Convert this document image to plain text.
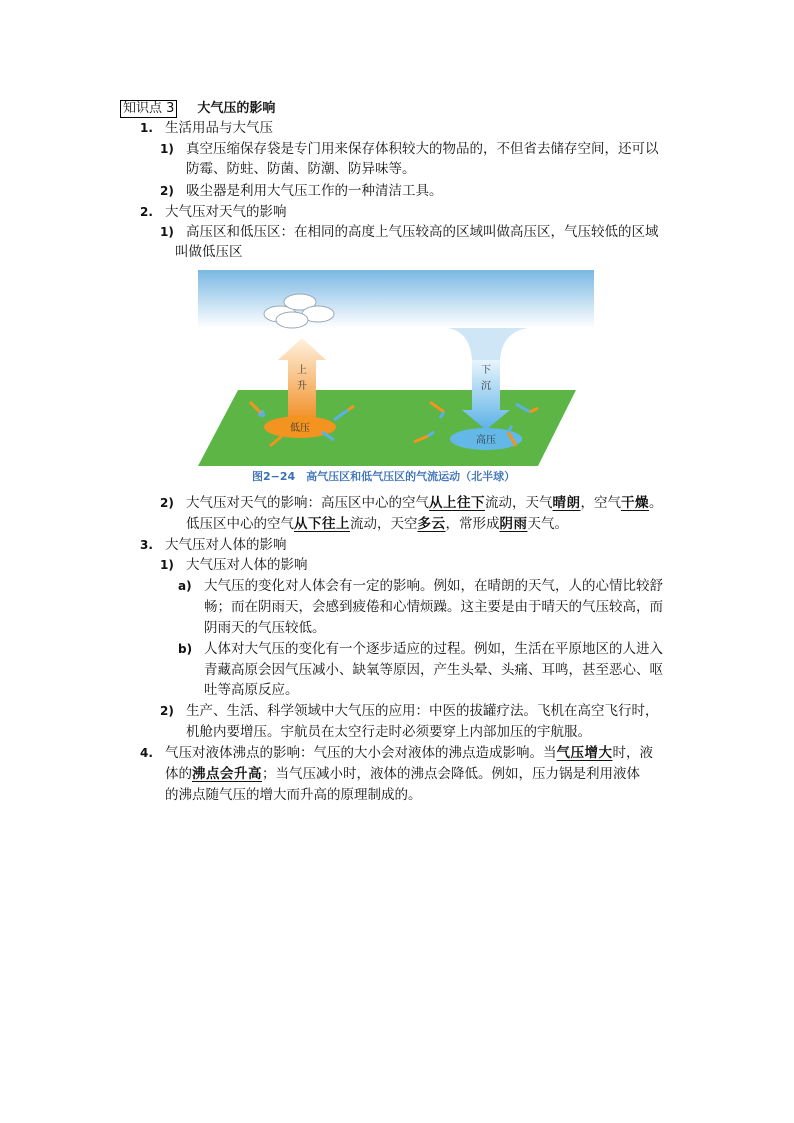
知识点 3 大气压的影响
1. 生活用品与大气压
1) 真空压缩保存袋是专门用来保存体积较大的物品的，不但省去储存空间，还可以
防霉、防蛀、防菌、防潮、防异味等。
2) 吸尘器是利用大气压工作的一种清洁工具。
2. 大气压对天气的影响
1) 高压区和低压区：在相同的高度上气压较高的区域叫做高压区，气压较低的区域
叫做低压区
上
升
下
沉
低压
高压
图2−24　高气压区和低气压区的气流运动（北半球）
2) 大气压对天气的影响：高压区中心的空气从上往下流动，天气晴朗，空气干燥。
低压区中心的空气从下往上流动，天空多云，常形成阴雨天气。
3. 大气压对人体的影响
1) 大气压对人体的影响
a) 大气压的变化对人体会有一定的影响。例如，在晴朗的天气，人的心情比较舒
畅；而在阴雨天，会感到疲倦和心情烦躁。这主要是由于晴天的气压较高，而
阴雨天的气压较低。
b) 人体对大气压的变化有一个逐步适应的过程。例如，生活在平原地区的人进入
青藏高原会因气压减小、缺氧等原因，产生头晕、头痛、耳鸣，甚至恶心、呕
吐等高原反应。
2) 生产、生活、科学领域中大气压的应用：中医的拔罐疗法。飞机在高空飞行时，
机舱内要增压。宇航员在太空行走时必须要穿上内部加压的宇航服。
4. 气压对液体沸点的影响：气压的大小会对液体的沸点造成影响。当气压增大时，液
体的沸点会升高；当气压减小时，液体的沸点会降低。例如，压力锅是利用液体
的沸点随气压的增大而升高的原理制成的。
